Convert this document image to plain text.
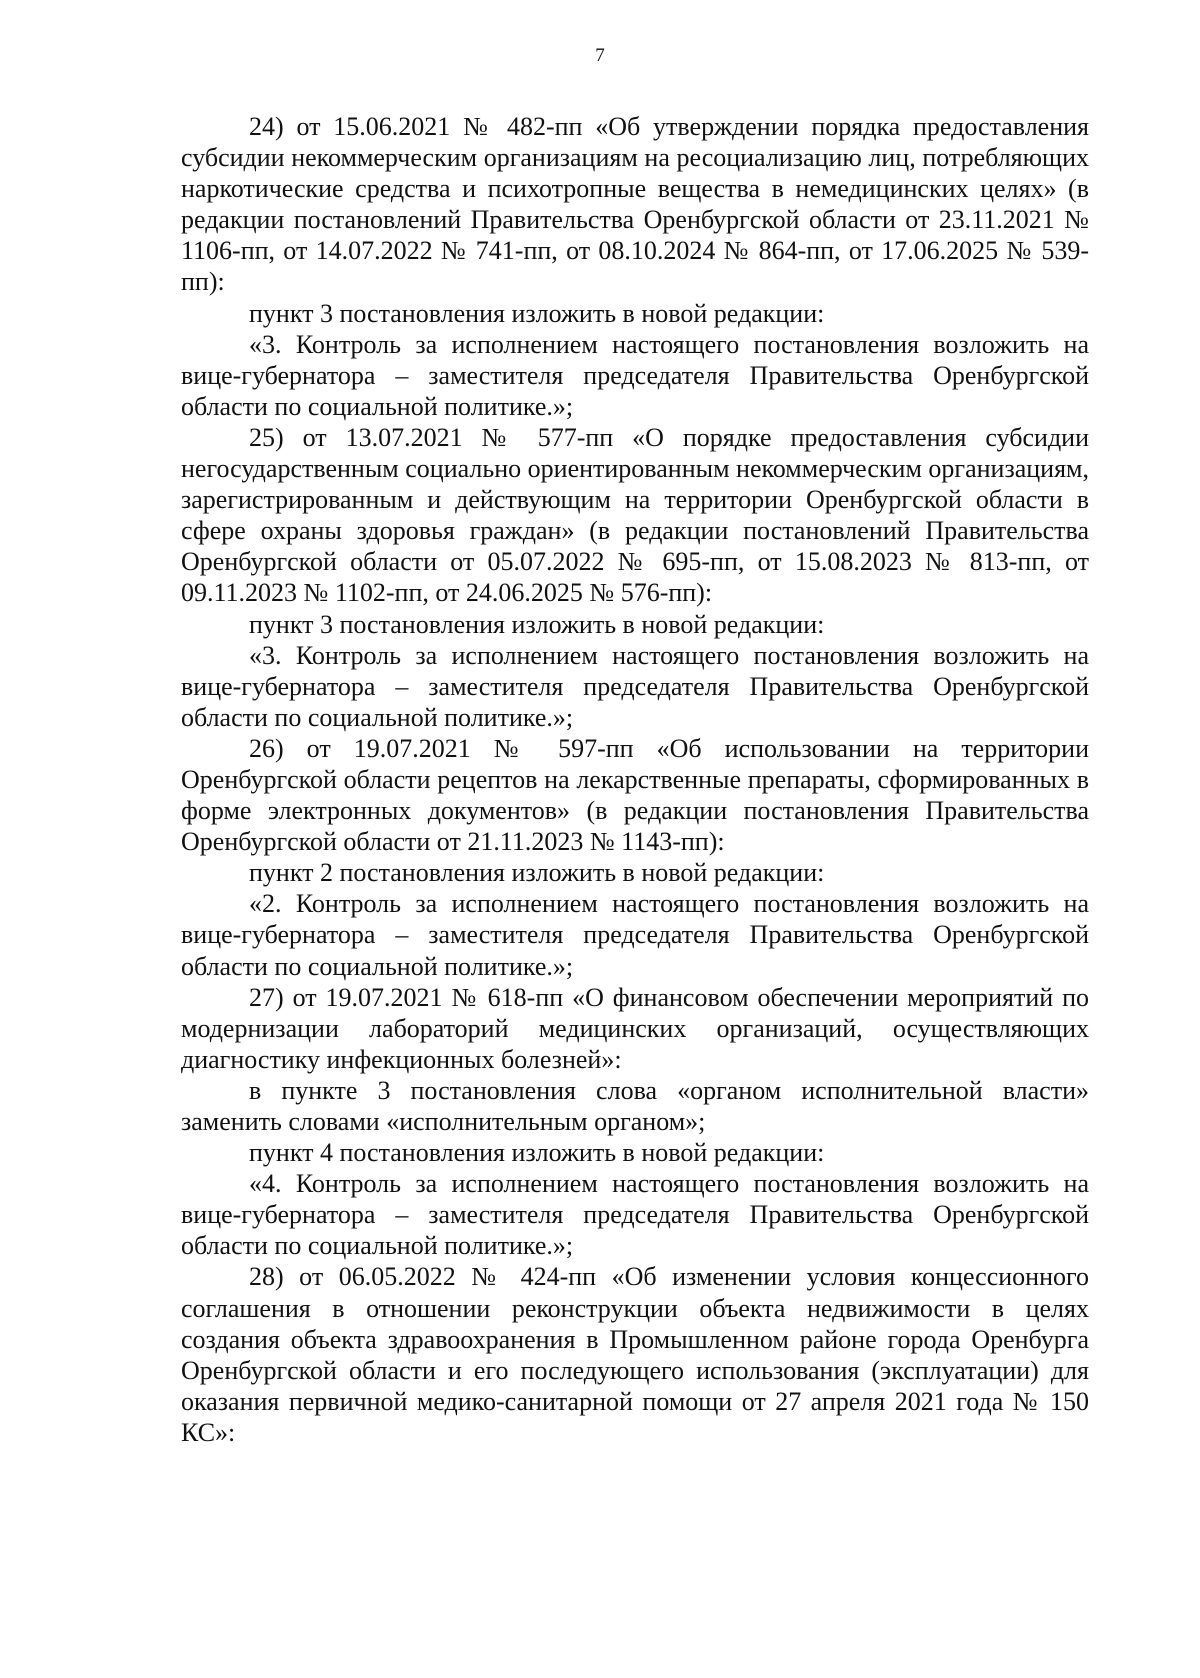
7

24) от 15.06.2021 № 482-пп «Об утверждении порядка предоставления субсидии некоммерческим организациям на ресоциализацию лиц, потребляющих наркотические средства и психотропные вещества в немедицинских целях» (в редакции постановлений Правительства Оренбургской области от 23.11.2021 № 1106-пп, от 14.07.2022 № 741-пп, от 08.10.2024 № 864-пп, от 17.06.2025 № 539-пп):

пункт 3 постановления изложить в новой редакции:

«3. Контроль за исполнением настоящего постановления возложить на вице-губернатора – заместителя председателя Правительства Оренбургской области по социальной политике.»;

25) от 13.07.2021 № 577-пп «О порядке предоставления субсидии негосударственным социально ориентированным некоммерческим организациям, зарегистрированным и действующим на территории Оренбургской области в сфере охраны здоровья граждан» (в редакции постановлений Правительства Оренбургской области от 05.07.2022 № 695-пп, от 15.08.2023 № 813-пп, от 09.11.2023 № 1102-пп, от 24.06.2025 № 576-пп):

пункт 3 постановления изложить в новой редакции:

«3. Контроль за исполнением настоящего постановления возложить на вице-губернатора – заместителя председателя Правительства Оренбургской области по социальной политике.»;

26) от 19.07.2021 № 597-пп «Об использовании на территории Оренбургской области рецептов на лекарственные препараты, сформированных в форме электронных документов» (в редакции постановления Правительства Оренбургской области от 21.11.2023 № 1143-пп):

пункт 2 постановления изложить в новой редакции:

«2. Контроль за исполнением настоящего постановления возложить на вице-губернатора – заместителя председателя Правительства Оренбургской области по социальной политике.»;

27) от 19.07.2021 № 618-пп «О финансовом обеспечении мероприятий по модернизации лабораторий медицинских организаций, осуществляющих диагностику инфекционных болезней»:

в пункте 3 постановления слова «органом исполнительной власти» заменить словами «исполнительным органом»;

пункт 4 постановления изложить в новой редакции:

«4. Контроль за исполнением настоящего постановления возложить на вице-губернатора – заместителя председателя Правительства Оренбургской области по социальной политике.»;

28) от 06.05.2022 № 424-пп «Об изменении условия концессионного соглашения в отношении реконструкции объекта недвижимости в целях создания объекта здравоохранения в Промышленном районе города Оренбурга Оренбургской области и его последующего использования (эксплуатации) для оказания первичной медико-санитарной помощи от 27 апреля 2021 года № 150 КС»:
